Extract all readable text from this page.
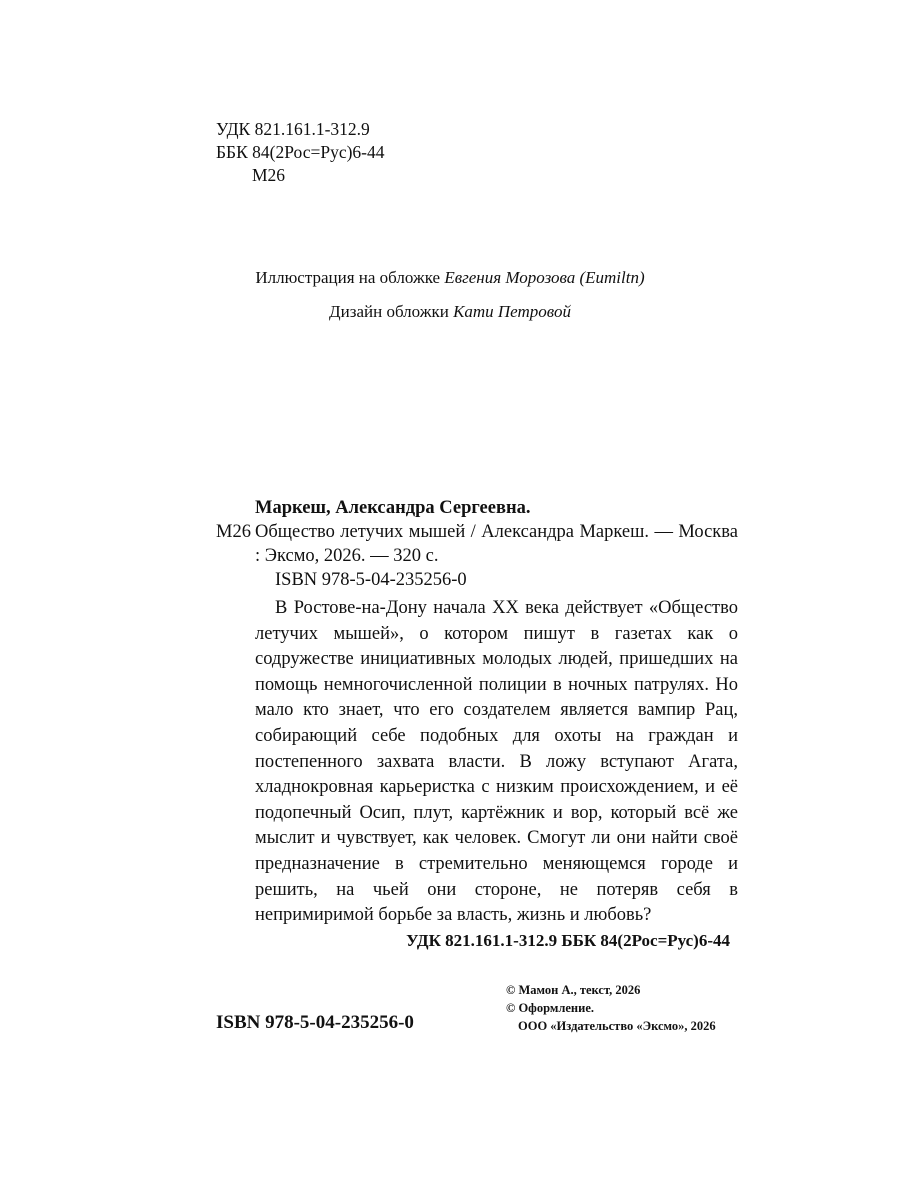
УДК 821.161.1-312.9
ББК 84(2Рос=Рус)6-44
М26
Иллюстрация на обложке Евгения Морозова (Eumiltn)
Дизайн обложки Кати Петровой
Маркеш, Александра Сергеевна.
М26 Общество летучих мышей / Александра Маркеш. — Москва : Эксмо, 2026. — 320 с.
ISBN 978-5-04-235256-0
В Ростове-на-Дону начала XX века действует «Общество летучих мышей», о котором пишут в газетах как о содружестве инициативных молодых людей, пришедших на помощь немногочисленной полиции в ночных патрулях. Но мало кто знает, что его создателем является вампир Рац, собирающий себе подобных для охоты на граждан и постепенного захвата власти. В ложу вступают Агата, хладнокровная карьеристка с низким происхождением, и её подопечный Осип, плут, картёжник и вор, который всё же мыслит и чувствует, как человек. Смогут ли они найти своё предназначение в стремительно меняющемся городе и решить, на чьей они стороне, не потеряв себя в непримиримой борьбе за власть, жизнь и любовь?
УДК 821.161.1-312.9 ББК 84(2Рос=Рус)6-44
© Мамон А., текст, 2026
© Оформление.
ООО «Издательство «Эксмо», 2026
ISBN 978-5-04-235256-0
